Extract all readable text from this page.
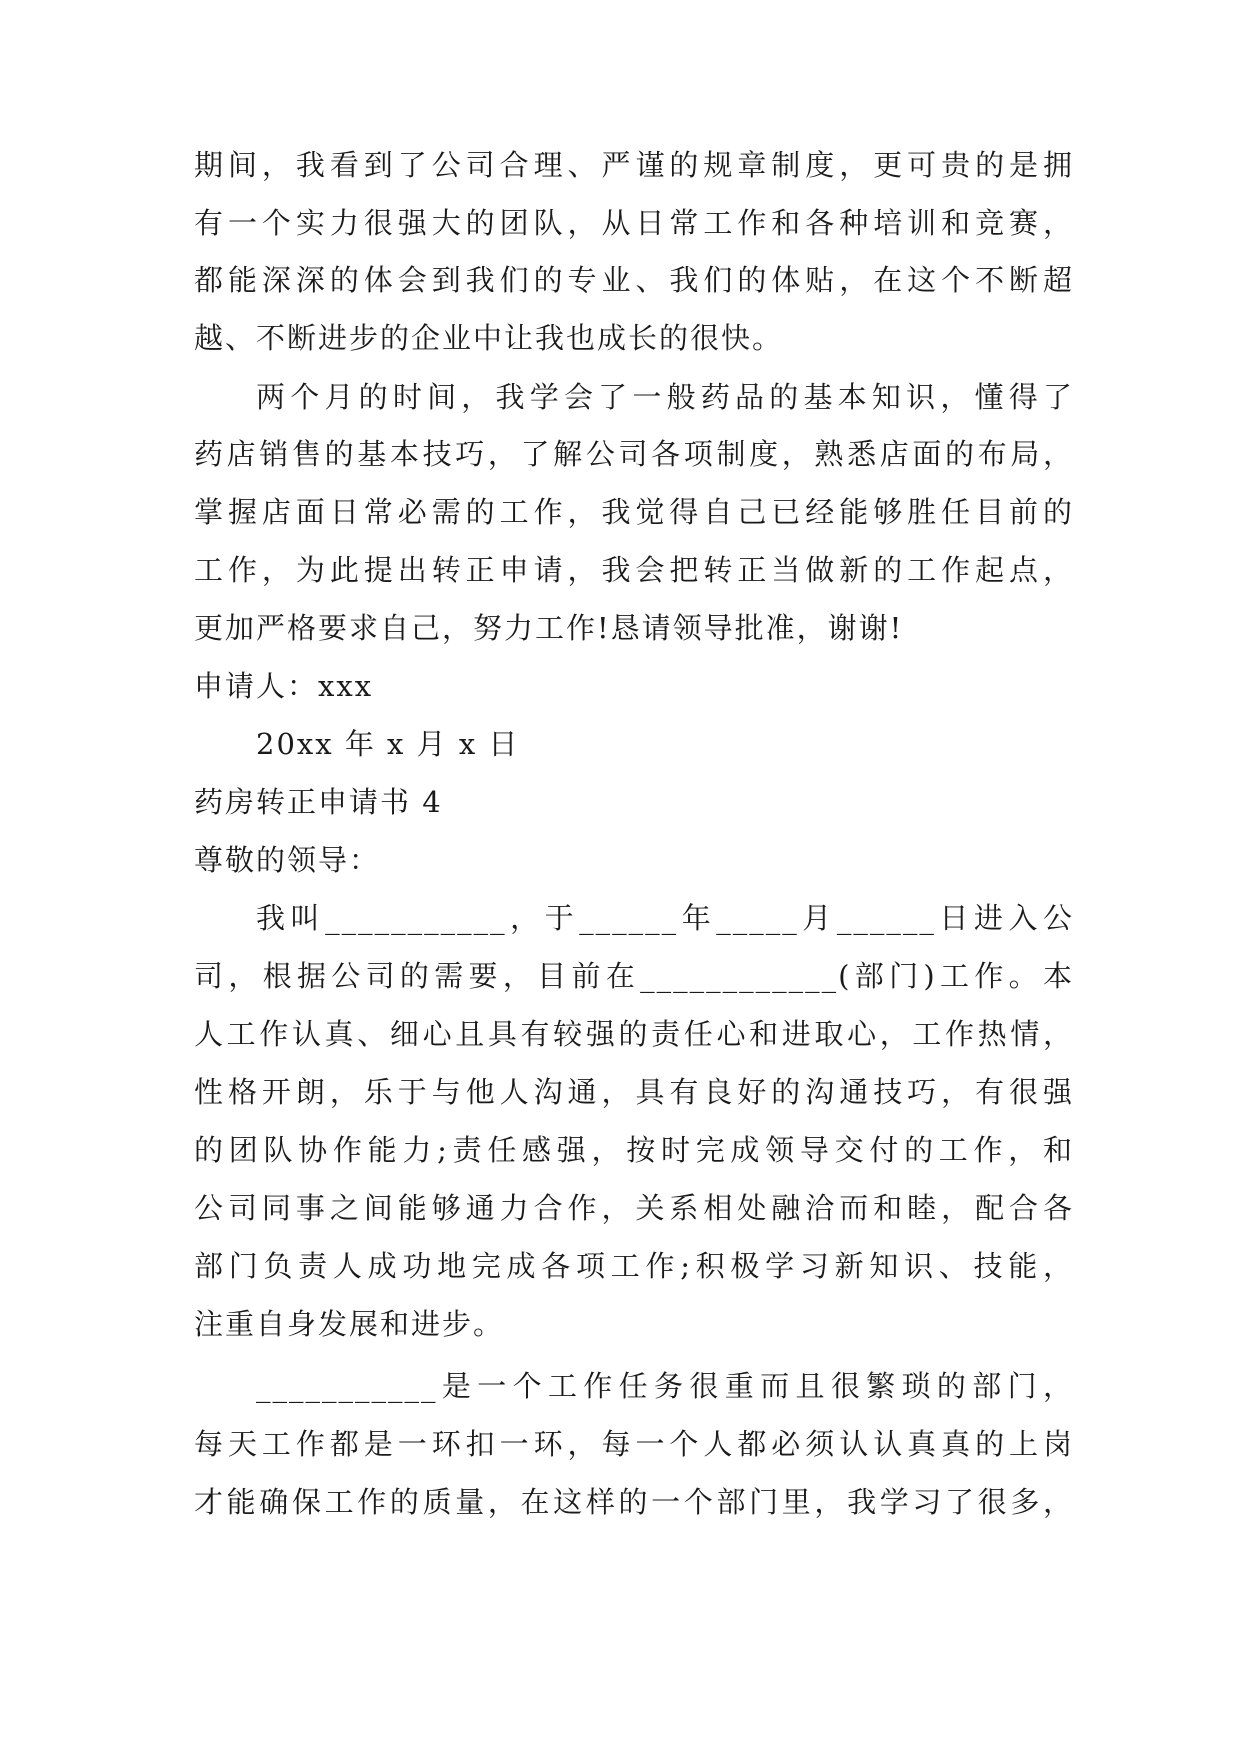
期间，我看到了公司合理、严谨的规章制度，更可贵的是拥
有一个实力很强大的团队，从日常工作和各种培训和竞赛，
都能深深的体会到我们的专业、我们的体贴，在这个不断超
越、不断进步的企业中让我也成长的很快。
两个月的时间，我学会了一般药品的基本知识，懂得了
药店销售的基本技巧，了解公司各项制度，熟悉店面的布局，
掌握店面日常必需的工作，我觉得自己已经能够胜任目前的
工作，为此提出转正申请，我会把转正当做新的工作起点，
更加严格要求自己，努力工作!恳请领导批准，谢谢!
申请人：xxx
20xx 年 x 月 x 日
药房转正申请书 4
尊敬的领导：
我叫___________，于______年_____月______日进入公
司，根据公司的需要，目前在____________(部门)工作。本
人工作认真、细心且具有较强的责任心和进取心，工作热情，
性格开朗，乐于与他人沟通，具有良好的沟通技巧，有很强
的团队协作能力;责任感强，按时完成领导交付的工作，和
公司同事之间能够通力合作，关系相处融洽而和睦，配合各
部门负责人成功地完成各项工作;积极学习新知识、技能，
注重自身发展和进步。
___________是一个工作任务很重而且很繁琐的部门，
每天工作都是一环扣一环，每一个人都必须认认真真的上岗
才能确保工作的质量，在这样的一个部门里，我学习了很多，
